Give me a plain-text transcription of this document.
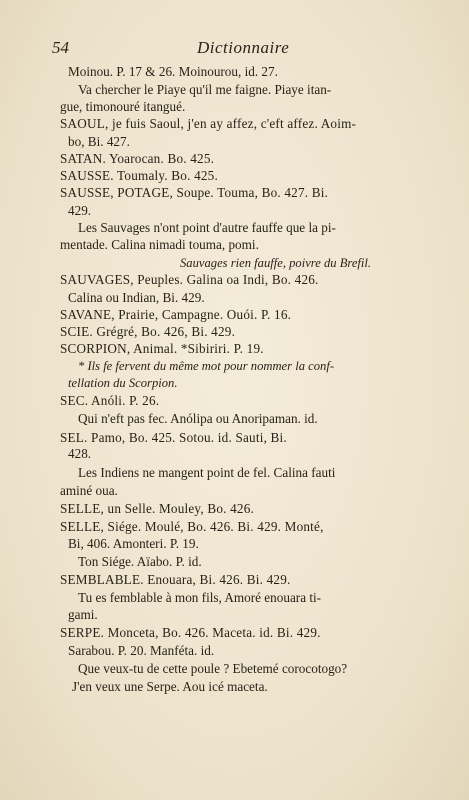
54	Dictionnaire
Moinou. P. 17 & 26. Moinourou, id. 27.
Va chercher le Piaye qu'il me faigne. Piaye itan-
gue, timonouré itangué.
SAOUL, je fuis Saoul, j'en ay affez, c'eft affez. Aoim-
bo, Bi. 427.
SATAN. Yoarocan. Bo. 425.
SAUSSE. Toumaly. Bo. 425.
SAUSSE, POTAGE, Soupe. Touma, Bo. 427. Bi.
429.
Les Sauvages n'ont point d'autre fauffe que la pi-
mentade. Calina nimadi touma, pomi.
Sauvages rien fauffe, poivre du Brefil.
SAUVAGES, Peuples. Galina oa Indi, Bo. 426.
Calina ou Indian, Bi. 429.
SAVANE, Prairie, Campagne. Ouói. P. 16.
SCIE. Grégré, Bo. 426, Bi. 429.
SCORPION, Animal. *Sibiriri. P. 19.
* Ils fe fervent du même mot pour nommer la conf-
tellation du Scorpion.
SEC. Anóli. P. 26.
Qui n'eft pas fec. Anólipa ou Anoripaman. id.
SEL. Pamo, Bo. 425. Sotou. id. Sauti, Bi.
428.
Les Indiens ne mangent point de fel. Calina fauti
aminé oua.
SELLE, un Selle. Mouley, Bo. 426.
SELLE, Siége. Moulé, Bo. 426. Bi. 429. Monté,
Bi, 406. Amonteri. P. 19.
Ton Siége. Aïabo. P. id.
SEMBLABLE. Enouara, Bi. 426. Bi. 429.
Tu es femblable à mon fils, Amoré enouara ti-
gami.
SERPE. Monceta, Bo. 426. Maceta. id. Bi. 429.
Sarabou. P. 20. Manféta. id.
Que veux-tu de cette poule ? Ebetemé corocotogo?
J'en veux une Serpe. Aou icé maceta.
